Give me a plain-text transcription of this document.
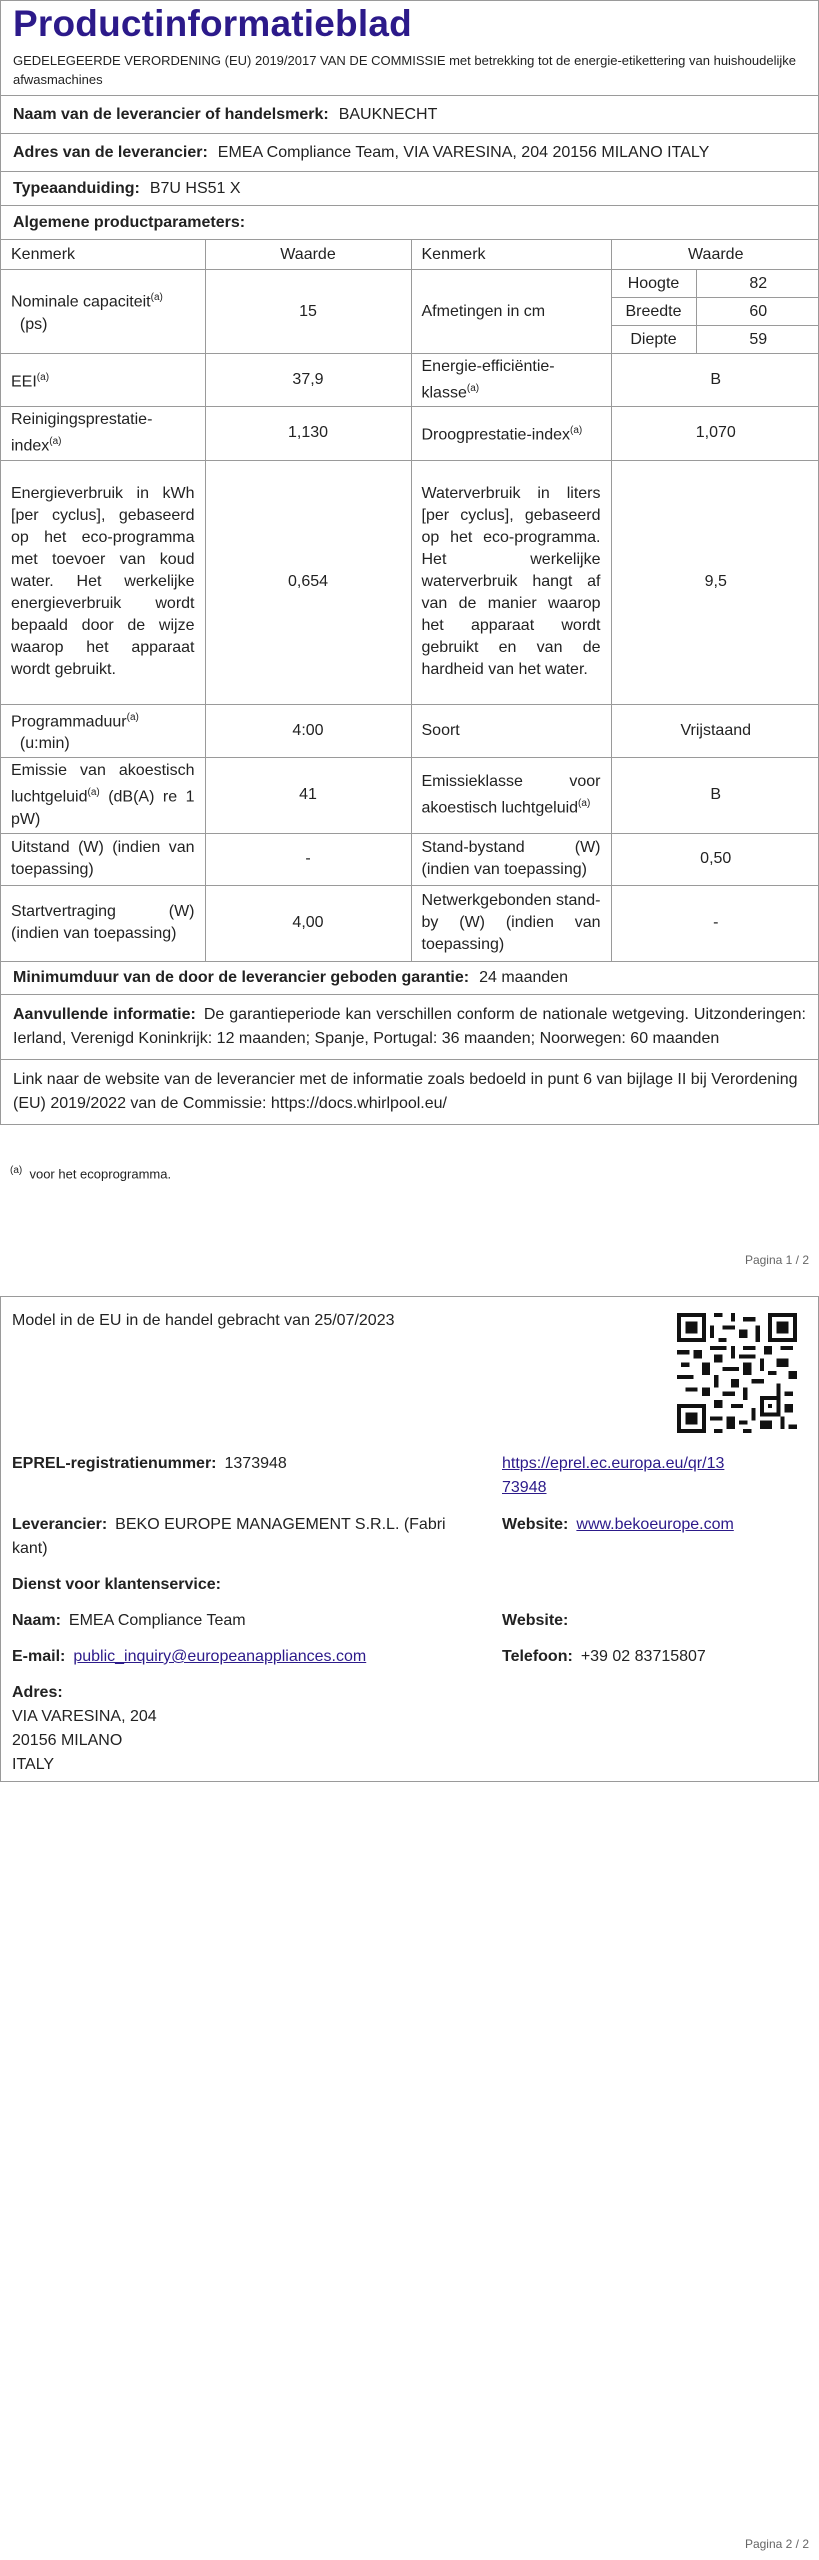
Productinformatieblad
GEDELEGEERDE VERORDENING (EU) 2019/2017 VAN DE COMMISSIE met betrekking tot de energie-etikettering van huishoudelijke afwasmachines
Naam van de leverancier of handelsmerk: BAUKNECHT
Adres van de leverancier: EMEA Compliance Team, VIA VARESINA, 204 20156 MILANO ITALY
Typeaanduiding: B7U HS51 X
Algemene productparameters:
Kenmerk	Waarde	Kenmerk	Waarde	
Nominale capaciteit$^{(a)}$
(ps)	15	Afmetingen in cm	Hoogte	82
			Breedte	60
			Diepte	59
EEI$^{(a)}$	37,9	Energie-efficiëntie-klasse$^{(a)}$	B	
Reinigingsprestatie-index$^{(a)}$	1,130	Droogprestatie-index$^{(a)}$	1,070	
Energieverbruik in kWh [per cyclus], gebaseerd op het eco-programma met toevoer van koud water. Het werkelijke energieverbruik wordt bepaald door de wijze waarop het apparaat wordt gebruikt.	0,654	Waterverbruik in liters [per cyclus], gebaseerd op het eco-programma. Het werkelijke waterverbruik hangt af van de manier waarop het apparaat wordt gebruikt en van de hardheid van het water.	9,5	
Programmaduur$^{(a)}$
(u:min)	4:00	Soort	Vrijstaand	
Emissie van akoestisch luchtgeluid$^{(a)}$ (dB(A) re 1 pW)	41	Emissieklasse voor akoestisch luchtgeluid$^{(a)}$	B	
Uitstand (W) (indien van toepassing)	-	Stand-bystand (W) (indien van toepassing)	0,50	
Startvertraging (W) (indien van toepassing)	4,00	Netwerkgebonden stand-by (W) (indien van toepassing)	-	
Minimumduur van de door de leverancier geboden garantie: 24 maanden
Aanvullende informatie: De garantieperiode kan verschillen conform de nationale wetgeving. Uitzonderingen: Ierland, Verenigd Koninkrijk: 12 maanden; Spanje, Portugal: 36 maanden; Noorwegen: 60 maanden
Link naar de website van de leverancier met de informatie zoals bedoeld in punt 6 van bijlage II bij Verordening (EU) 2019/2022 van de Commissie: https://docs.whirlpool.eu/
$^{(a)}$ voor het ecoprogramma.
Pagina 1 / 2
Model in de EU in de handel gebracht van 25/07/2023
EPREL-registratienummer: 1373948	https://eprel.ec.europa.eu/qr/13
73948
Leverancier: BEKO EUROPE MANAGEMENT S.R.L. (Fabri
kant)
Website: www.bekoeurope.com
Dienst voor klantenservice:
Naam: EMEA Compliance Team	Website:
E-mail: public_inquiry@europeanappliances.com	Telefoon: +39 02 83715807
Adres:
VIA VARESINA, 204
20156 MILANO
ITALY
Pagina 2 / 2
